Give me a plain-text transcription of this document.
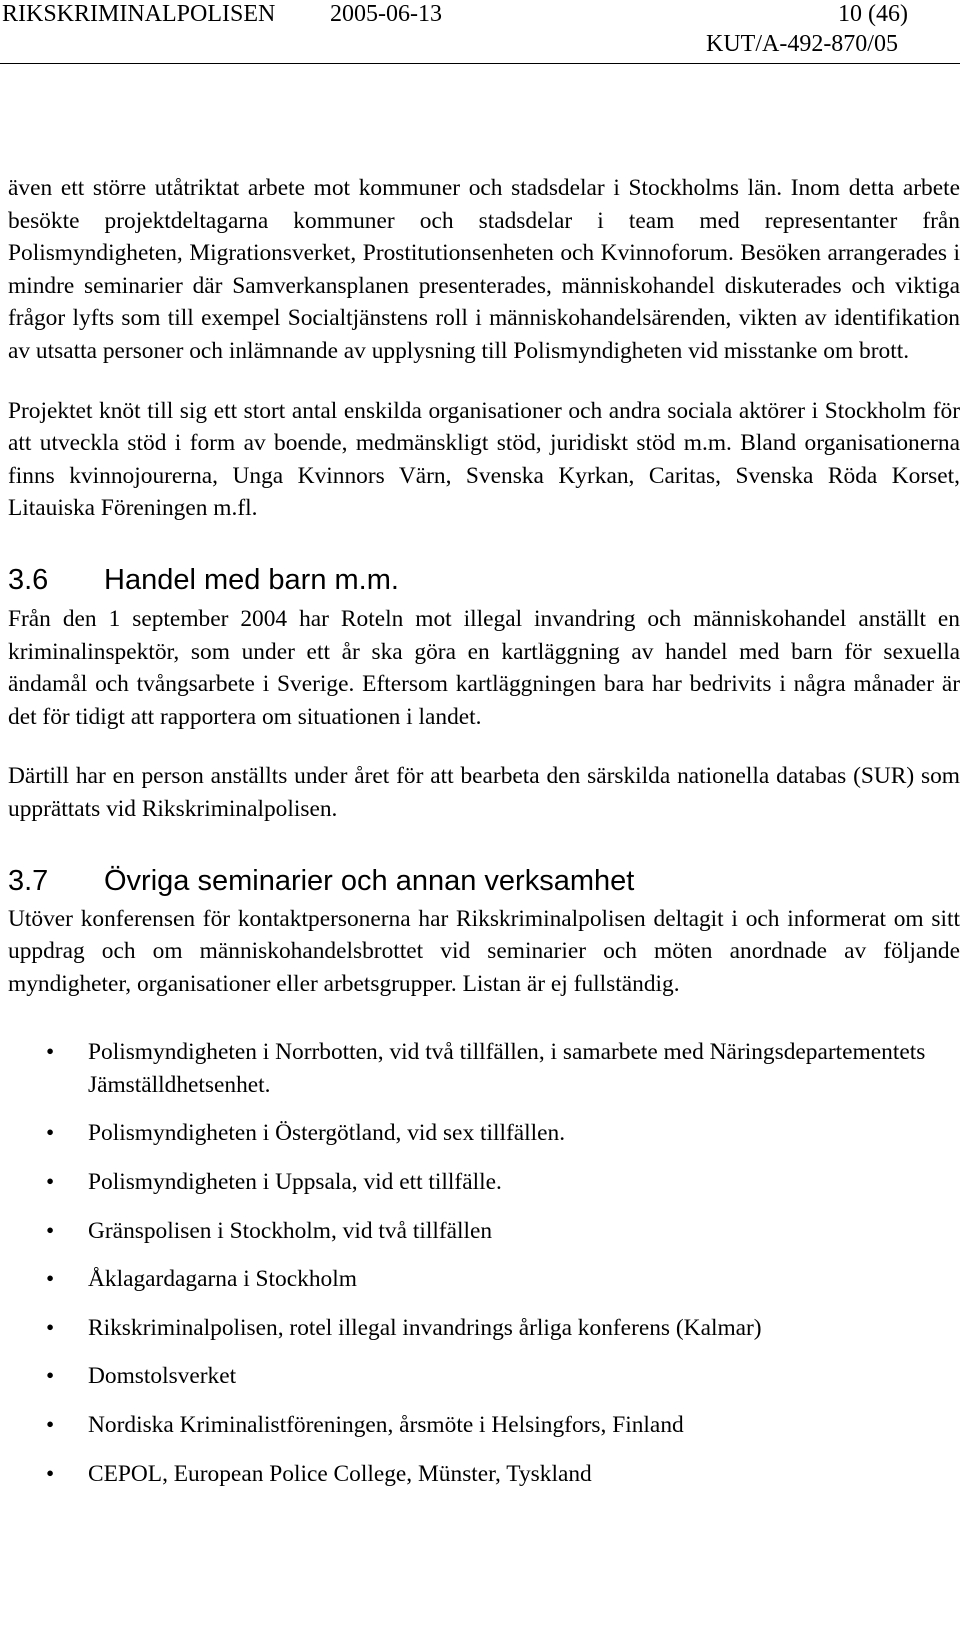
RIKSKRIMINALPOLISEN 2005-06-13	10 (46)
KUT/A-492-870/05

även ett större utåtriktat arbete mot kommuner och stadsdelar i Stockholms län. Inom detta arbete besökte projektdeltagarna kommuner och stadsdelar i team med representanter från Polismyndigheten, Migrationsverket, Prostitutionsenheten och Kvinnoforum. Besöken arrangerades i mindre seminarier där Samverkansplanen presenterades, människohandel diskuterades och viktiga frågor lyfts som till exempel Socialtjänstens roll i människohandelsärenden, vikten av identifikation av utsatta personer och inlämnande av upplysning till Polismyndigheten vid misstanke om brott.

Projektet knöt till sig ett stort antal enskilda organisationer och andra sociala aktörer i Stockholm för att utveckla stöd i form av boende, medmänskligt stöd, juridiskt stöd m.m. Bland organisationerna finns kvinnojourerna, Unga Kvinnors Värn, Svenska Kyrkan, Caritas, Svenska Röda Korset, Litauiska Föreningen m.fl.

3.6 Handel med barn m.m.

Från den 1 september 2004 har Roteln mot illegal invandring och människohandel anställt en kriminalinspektör, som under ett år ska göra en kartläggning av handel med barn för sexuella ändamål och tvångsarbete i Sverige. Eftersom kartläggningen bara har bedrivits i några månader är det för tidigt att rapportera om situationen i landet.

Därtill har en person anställts under året för att bearbeta den särskilda nationella databas (SUR) som upprättats vid Rikskriminalpolisen.

3.7 Övriga seminarier och annan verksamhet

Utöver konferensen för kontaktpersonerna har Rikskriminalpolisen deltagit i och informerat om sitt uppdrag och om människohandelsbrottet vid seminarier och möten anordnade av följande myndigheter, organisationer eller arbetsgrupper. Listan är ej fullständig.

• Polismyndigheten i Norrbotten, vid två tillfällen, i samarbete med Näringsdepartementets Jämställdhetsenhet.
• Polismyndigheten i Östergötland, vid sex tillfällen.
• Polismyndigheten i Uppsala, vid ett tillfälle.
• Gränspolisen i Stockholm, vid två tillfällen
• Åklagardagarna i Stockholm
• Rikskriminalpolisen, rotel illegal invandrings årliga konferens (Kalmar)
• Domstolsverket
• Nordiska Kriminalistföreningen, årsmöte i Helsingfors, Finland
• CEPOL, European Police College, Münster, Tyskland
